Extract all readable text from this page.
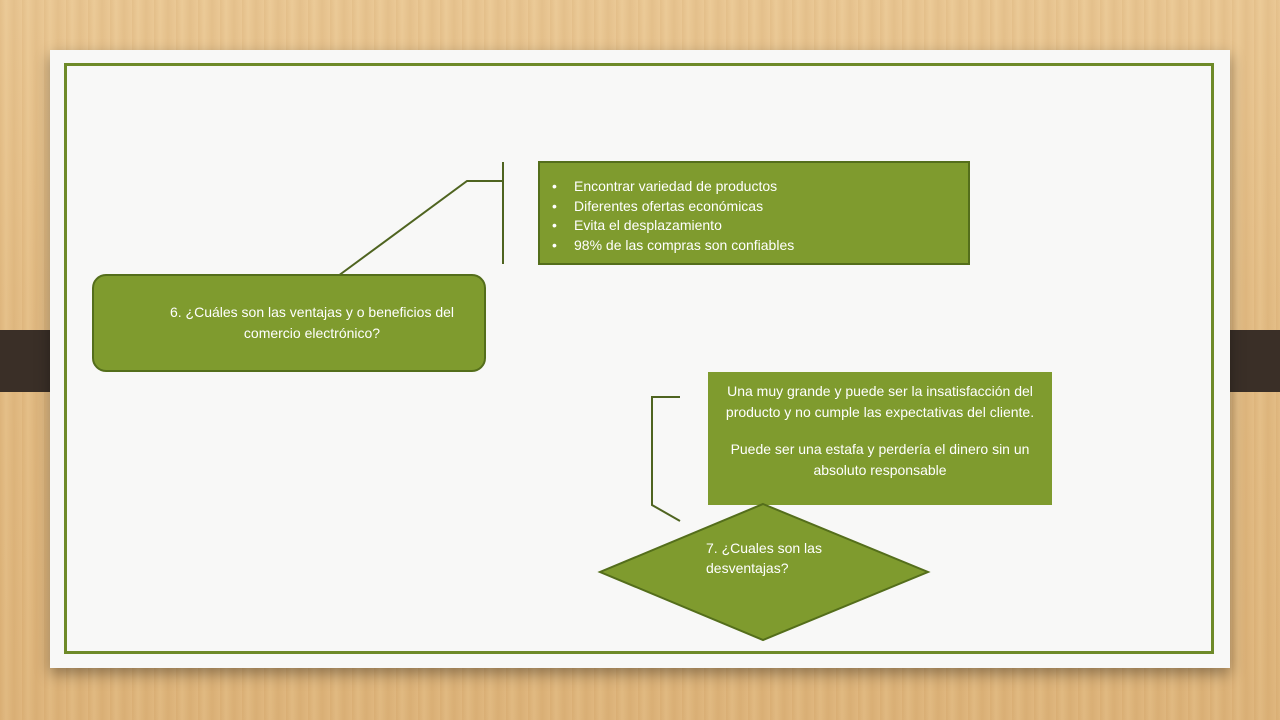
6. ¿Cuáles son las ventajas y o beneficios del comercio electrónico?
• Encontrar variedad de productos
• Diferentes ofertas económicas
• Evita el desplazamiento
• 98% de las compras son confiables

Una muy grande y puede ser la insatisfacción del producto y no cumple las expectativas del cliente.

Puede ser una estafa y perdería el dinero sin un absoluto responsable

7. ¿Cuales son las desventajas?
